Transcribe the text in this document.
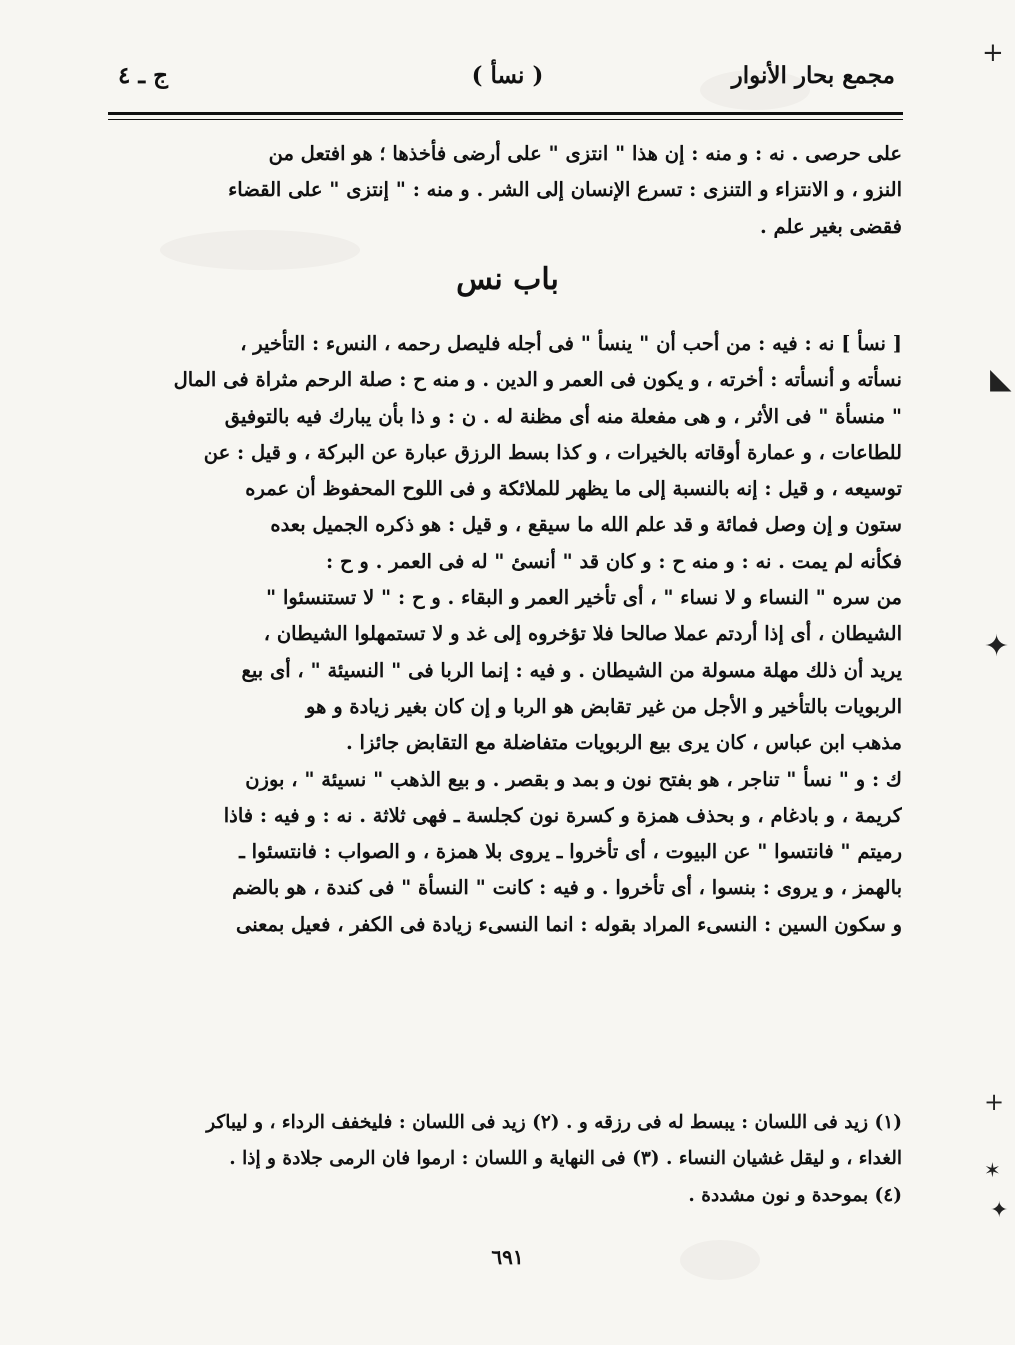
مجمع بحار الأنوار
( نسأ )
ج ـ ٤
على حرصى . نه : و منه : إن هذا " انتزى " على أرضى فأخذها ؛ هو افتعل من
النزو ، و الانتزاء و التنزى : تسرع الإنسان إلى الشر . و منه : " إنتزى " على القضاء
فقضى بغير علم .
باب نس
[ نسأ ] نه : فيه : من أحب أن " ينسأ " فى أجله فليصل رحمه ، النسء : التأخير ،
نسأته و أنسأته : أخرته ، و يكون فى العمر و الدين . و منه ح : صلة الرحم مثراة فى المال
" منسأة " فى الأثر ، و هى مفعلة منه أى مظنة له . ن : و ذا بأن يبارك فيه بالتوفيق
للطاعات ، و عمارة أوقاته بالخيرات ، و كذا بسط الرزق عبارة عن البركة ، و قيل : عن
توسيعه ، و قيل : إنه بالنسبة إلى ما يظهر للملائكة و فى اللوح المحفوظ أن عمره
ستون و إن وصل فمائة و قد علم الله ما سيقع ، و قيل : هو ذكره الجميل بعده
فكأنه لم يمت . نه : و منه ح : و كان قد " أنسئ " له فى العمر . و ح :
من سره " النساء و لا نساء " ، أى تأخير العمر و البقاء . و ح : " لا تستنسئوا "
الشيطان ، أى إذا أردتم عملا صالحا فلا تؤخروه إلى غد و لا تستمهلوا الشيطان ،
يريد أن ذلك مهلة مسولة من الشيطان . و فيه : إنما الربا فى " النسيئة " ، أى بيع
الربويات بالتأخير و الأجل من غير تقابض هو الربا و إن كان بغير زيادة و هو
مذهب ابن عباس ، كان يرى بيع الربويات متفاضلة مع التقابض جائزا .
ك : و " نسأ " تناجر ، هو بفتح نون و بمد و بقصر . و بيع الذهب " نسيئة " ، بوزن
كريمة ، و بادغام ، و بحذف همزة و كسرة نون كجلسة ـ فهى ثلاثة . نه : و فيه : فاذا
رميتم " فانتسوا " عن البيوت ، أى تأخروا ـ يروى بلا همزة ، و الصواب : فانتسئوا ـ
بالهمز ، و يروى : بنسوا ، أى تأخروا . و فيه : كانت " النسأة " فى كندة ، هو بالضم
و سكون السين : النسىء المراد بقوله : انما النسىء زيادة فى الكفر ، فعيل بمعنى
(١) زيد فى اللسان : يبسط له فى رزقه و . (٢) زيد فى اللسان : فليخفف الرداء ، و ليباكر
الغداء ، و ليقل غشيان النساء . (٣) فى النهاية و اللسان : ارموا فان الرمى جلادة و إذا .
(٤) بموحدة و نون مشددة .
٦٩١
+
◣
✦
+
✶
✦
